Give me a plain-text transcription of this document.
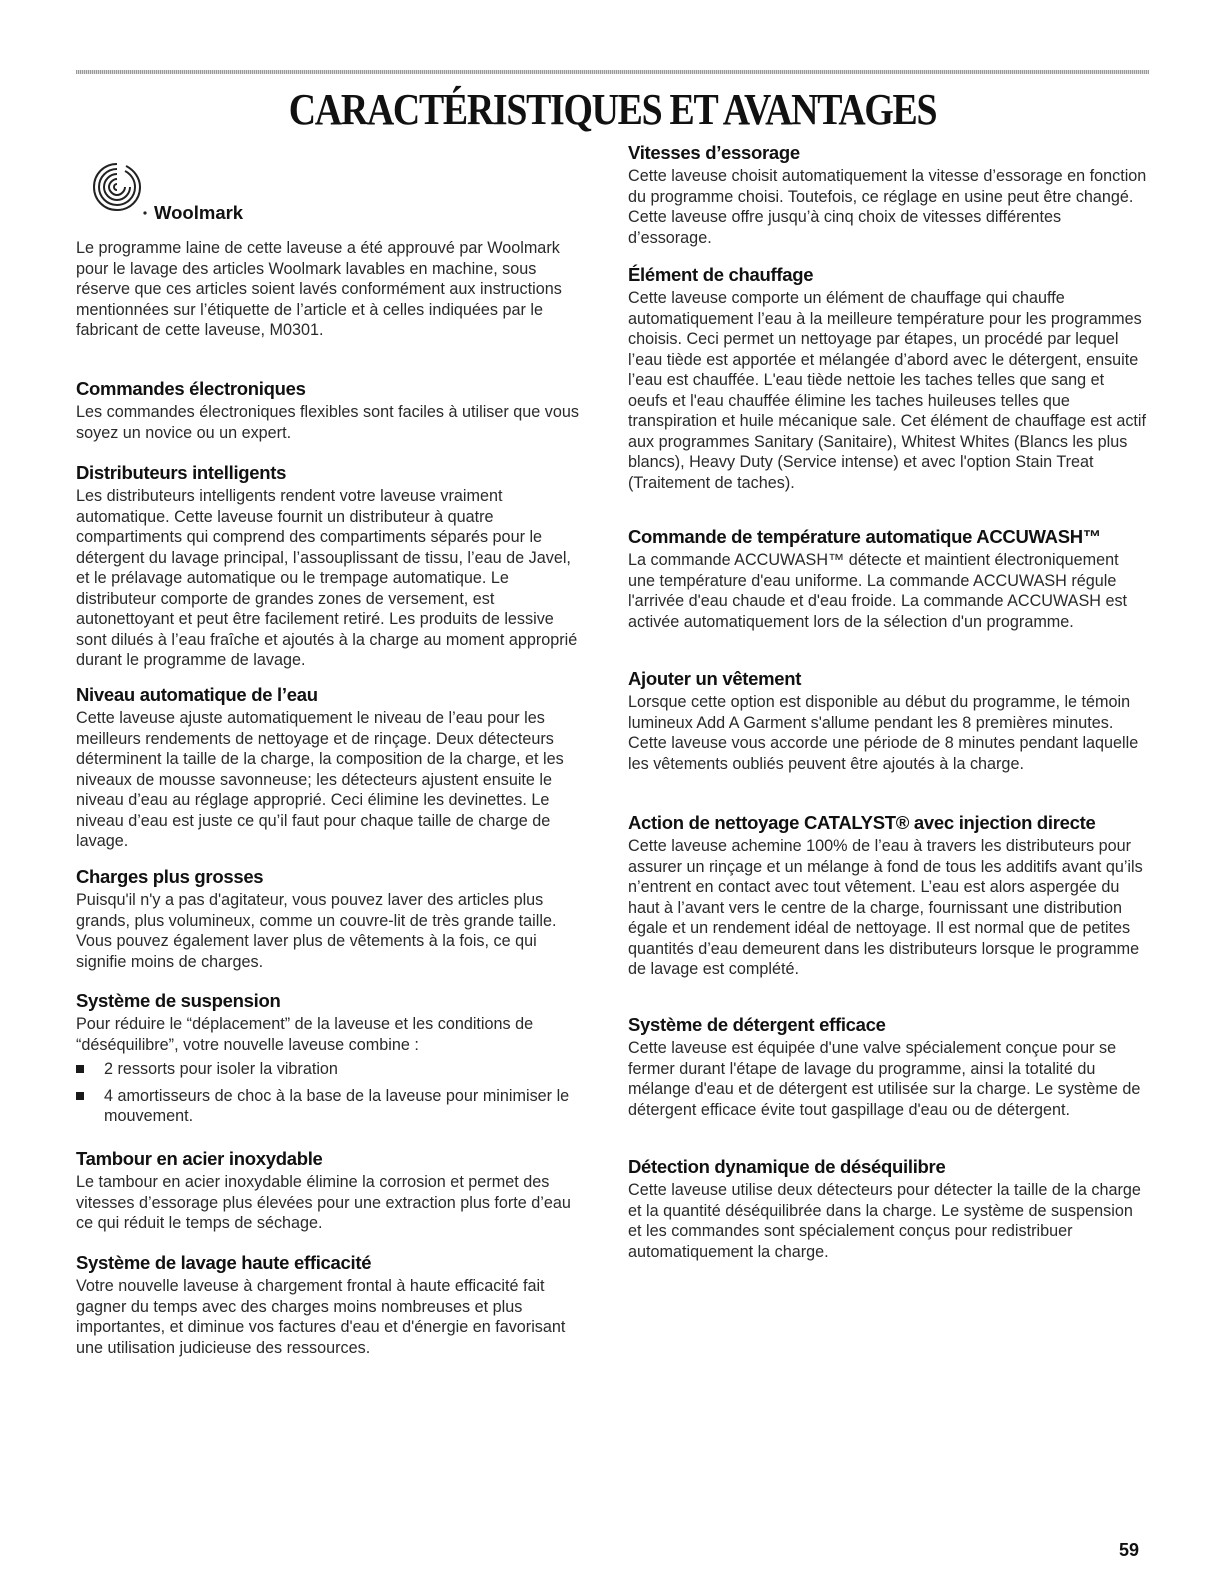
CARACTÉRISTIQUES ET AVANTAGES
Woolmark

Le programme laine de cette laveuse a été approuvé par Woolmark pour le lavage des articles Woolmark lavables en machine, sous réserve que ces articles soient lavés conformément aux instructions mentionnées sur l’étiquette de l’article et à celles indiquées par le fabricant de cette laveuse, M0301.

Commandes électroniques

Les commandes électroniques flexibles sont faciles à utiliser que vous soyez un novice ou un expert.

Distributeurs intelligents

Les distributeurs intelligents rendent votre laveuse vraiment automatique. Cette laveuse fournit un distributeur à quatre compartiments qui comprend des compartiments séparés pour le détergent du lavage principal, l’assouplissant de tissu, l’eau de Javel, et le prélavage automatique ou le trempage automatique. Le distributeur comporte de grandes zones de versement, est autonettoyant et peut être facilement retiré. Les produits de lessive sont dilués à l’eau fraîche et ajoutés à la charge au moment approprié durant le programme de lavage.

Niveau automatique de l’eau

Cette laveuse ajuste automatiquement le niveau de l’eau pour les meilleurs rendements de nettoyage et de rinçage. Deux détecteurs déterminent la taille de la charge, la composition de la charge, et les niveaux de mousse savonneuse; les détecteurs ajustent ensuite le niveau d’eau au réglage approprié. Ceci élimine les devinettes. Le niveau d’eau est juste ce qu’il faut pour chaque taille de charge de lavage.

Charges plus grosses

Puisqu'il n'y a pas d'agitateur, vous pouvez laver des articles plus grands, plus volumineux, comme un couvre-lit de très grande taille. Vous pouvez également laver plus de vêtements à la fois, ce qui signifie moins de charges.

Système de suspension

Pour réduire le “déplacement” de la laveuse et les conditions de “déséquilibre”, votre nouvelle laveuse combine :

2 ressorts pour isoler la vibration
4 amortisseurs de choc à la base de la laveuse pour minimiser le mouvement.
Tambour en acier inoxydable

Le tambour en acier inoxydable élimine la corrosion et permet des vitesses d’essorage plus élevées pour une extraction plus forte d’eau ce qui réduit le temps de séchage.

Système de lavage haute efficacité

Votre nouvelle laveuse à chargement frontal à haute efficacité fait gagner du temps avec des charges moins nombreuses et plus importantes, et diminue vos factures d'eau et d'énergie en favorisant une utilisation judicieuse des ressources.

Vitesses d’essorage

Cette laveuse choisit automatiquement la vitesse d’essorage en fonction du programme choisi. Toutefois, ce réglage en usine peut être changé. Cette laveuse offre jusqu’à cinq choix de vitesses différentes d’essorage.

Élément de chauffage

Cette laveuse comporte un élément de chauffage qui chauffe automatiquement l’eau à la meilleure température pour les programmes choisis. Ceci permet un nettoyage par étapes, un procédé par lequel l’eau tiède est apportée et mélangée d’abord avec le détergent, ensuite l’eau est chauffée. L'eau tiède nettoie les taches telles que sang et oeufs et l'eau chauffée élimine les taches huileuses telles que transpiration et huile mécanique sale. Cet élément de chauffage est actif aux programmes Sanitary (Sanitaire), Whitest Whites (Blancs les plus blancs), Heavy Duty (Service intense) et avec l'option Stain Treat (Traitement de taches).

Commande de température automatique ACCUWASH™

La commande ACCUWASH™ détecte et maintient électroniquement une température d'eau uniforme. La commande ACCUWASH régule l'arrivée d'eau chaude et d'eau froide. La commande ACCUWASH est activée automatiquement lors de la sélection d'un programme.

Ajouter un vêtement

Lorsque cette option est disponible au début du programme, le témoin lumineux Add A Garment s'allume pendant les 8 premières minutes. Cette laveuse vous accorde une période de 8 minutes pendant laquelle les vêtements oubliés peuvent être ajoutés à la charge.

Action de nettoyage CATALYST® avec injection directe

Cette laveuse achemine 100% de l’eau à travers les distributeurs pour assurer un rinçage et un mélange à fond de tous les additifs avant qu’ils n’entrent en contact avec tout vêtement. L’eau est alors aspergée du haut à l’avant vers le centre de la charge, fournissant une distribution égale et un rendement idéal de nettoyage. Il est normal que de petites quantités d’eau demeurent dans les distributeurs lorsque le programme de lavage est complété.

Système de détergent efficace

Cette laveuse est équipée d'une valve spécialement conçue pour se fermer durant l'étape de lavage du programme, ainsi la totalité du mélange d'eau et de détergent est utilisée sur la charge. Le système de détergent efficace évite tout gaspillage d'eau ou de détergent.

Détection dynamique de déséquilibre

Cette laveuse utilise deux détecteurs pour détecter la taille de la charge et la quantité déséquilibrée dans la charge. Le système de suspension et les commandes sont spécialement conçus pour redistribuer automatiquement la charge.

59
